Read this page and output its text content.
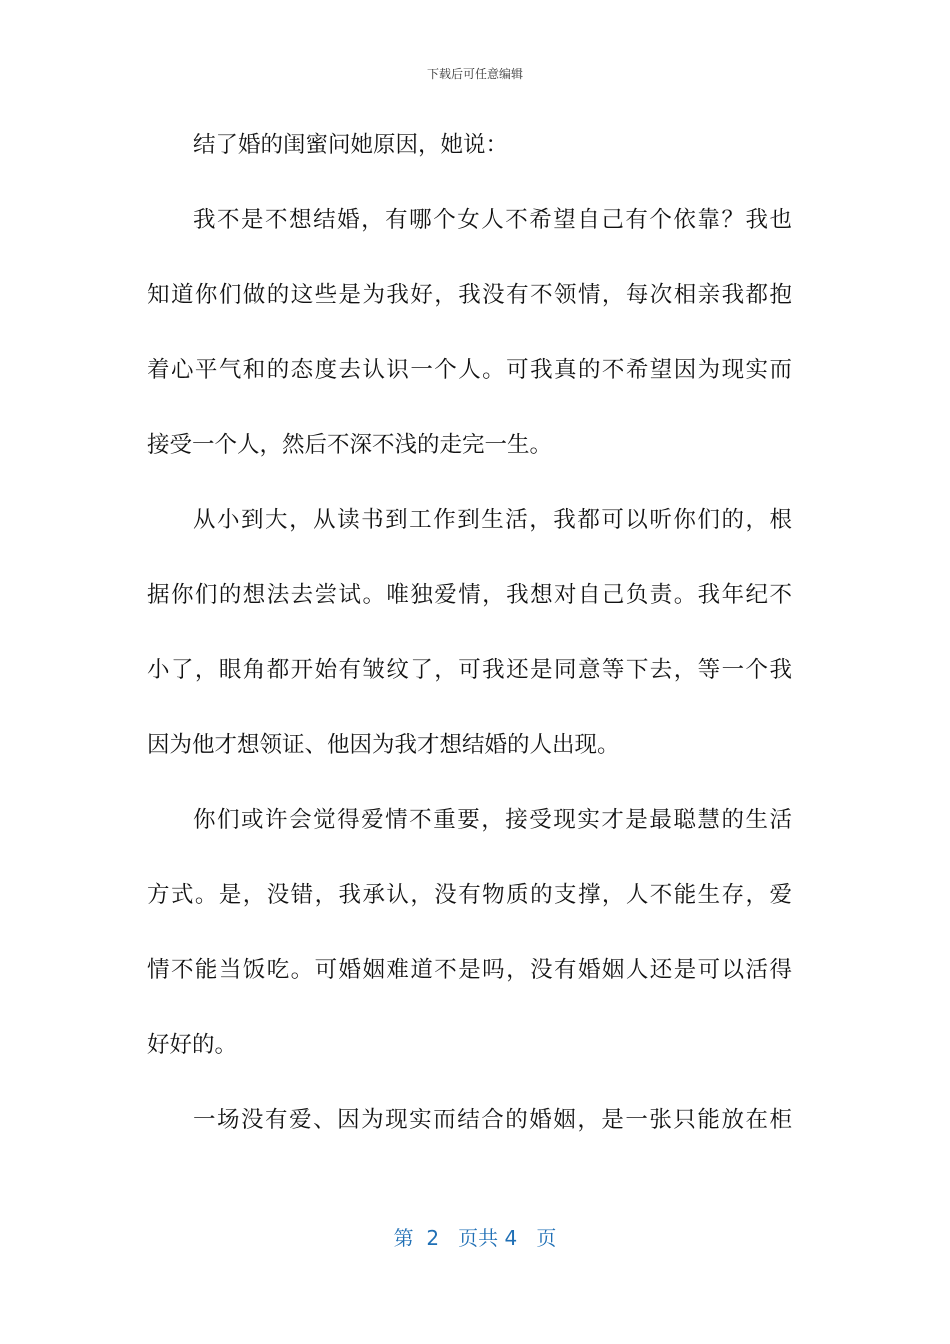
下载后可任意编辑
结了婚的闺蜜问她原因，她说：
我不是不想结婚，有哪个女人不希望自己有个依靠？我也
知道你们做的这些是为我好，我没有不领情，每次相亲我都抱
着心平气和的态度去认识一个人。可我真的不希望因为现实而
接受一个人，然后不深不浅的走完一生。
从小到大，从读书到工作到生活，我都可以听你们的，根
据你们的想法去尝试。唯独爱情，我想对自己负责。我年纪不
小了，眼角都开始有皱纹了，可我还是同意等下去，等一个我
因为他才想领证、他因为我才想结婚的人出现。
你们或许会觉得爱情不重要，接受现实才是最聪慧的生活
方式。是，没错，我承认，没有物质的支撑，人不能生存，爱
情不能当饭吃。可婚姻难道不是吗，没有婚姻人还是可以活得
好好的。
一场没有爱、因为现实而结合的婚姻，是一张只能放在柜
第  2   页共 4   页
